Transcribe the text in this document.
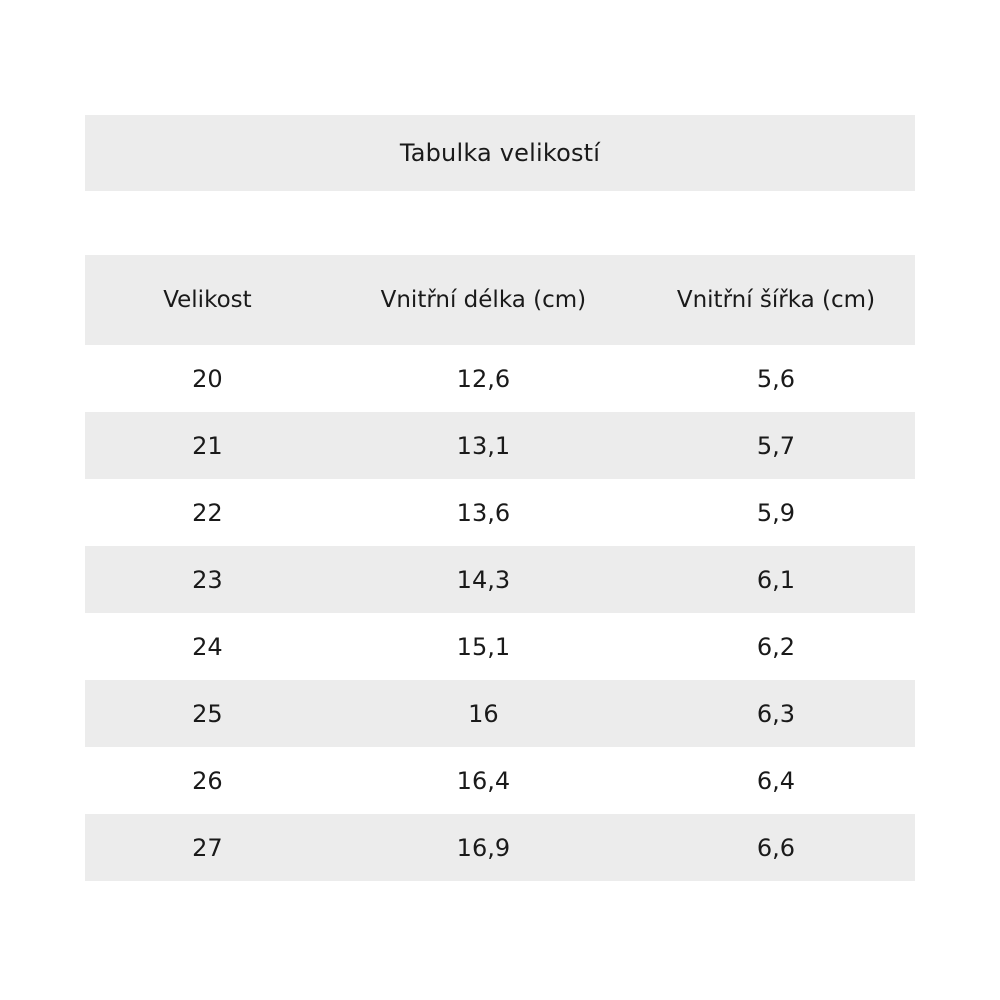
Tabulka velikostí
Velikost	Vnitřní délka (cm)	Vnitřní šířka (cm)
20	12,6	5,6
21	13,1	5,7
22	13,6	5,9
23	14,3	6,1
24	15,1	6,2
25	16	6,3
26	16,4	6,4
27	16,9	6,6
